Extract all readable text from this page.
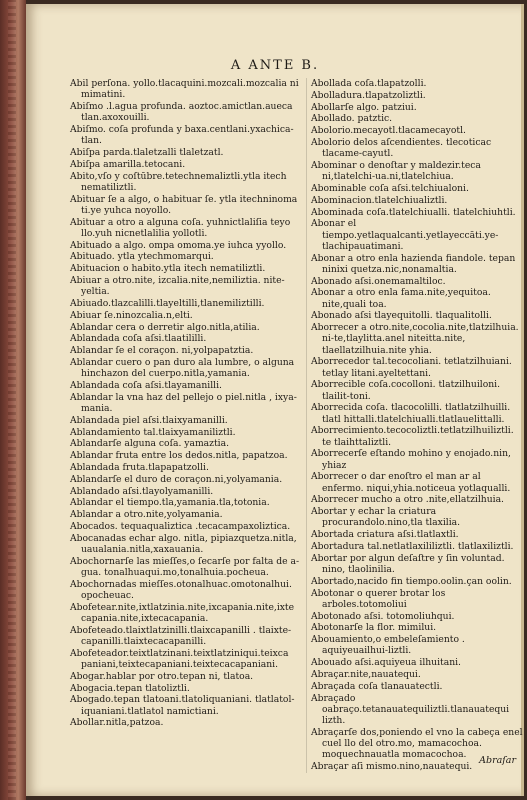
A ANTE B.
Abil perſona. yollo.tlacaquini.mozcali.mozcalia ni mimatini.
Abiſmo .l.agua profunda. aoztoc.amictlan.aueca tlan.axoxouilli.
Abiſmo. coſa profunda y baxa.centlani.yxachica-tlan.
Abiſpa parda.tlaletzalli tlaletzatl.
Abiſpa amarilla.tetocani.
Abito,vſo y coſtūbre.tetechnemaliztli.ytla itech nematiliztli.
Abituar ſe a algo, o habituar ſe. ytla itechninoma ti.ye yuhca noyollo.
Abituar a otro a alguna coſa. yuhnictlaliſia teyo llo.yuh nicnetlalilia yollotli.
Abituado a algo. ompa omoma.ye iuhca yyollo.
Abituado. ytla ytechmomarqui.
Abituacion o habito.ytla itech nematiliztli.
Abiuar a otro.nite, izcalia.nite,nemiliztia. nite-yeltia.
Abiuado.tlazcalilli.tlayeltilli,tlanemiliztilli.
Abiuar ſe.ninozcalia.n,elti.
Ablandar cera o derretir algo.nitla,atilia.
Ablandada coſa aſsi.tlaatililli.
Ablandar ſe el coraçon. ni,yolpapatztia.
Ablandar cuero o pan duro ala lumbre, o alguna hinchazon del cuerpo.nitla,yamania.
Ablandada coſa aſsi.tlayamanilli.
Ablandar la vna haz del pellejo o piel.nitla , ixya-mania.
Ablandada piel aſsi.tlaixyamanilli.
Ablandamiento tal.tlaixyamaniliztli.
Ablandarſe alguna coſa. yamaztia.
Ablandar fruta entre los dedos.nitla, papatzoa.
Ablandada fruta.tlapapatzolli.
Ablandarſe el duro de coraçon.ni,yolyamania.
Ablandado aſsi.tlayolyamanilli.
Ablandar el tiempo.tla,yamania.tla,totonia.
Ablandar a otro.nite,yolyamania.
Abocados. tequaqualiztica .tecacampaxoliztica.
Abocanadas echar algo. nitla, pipiazquetza.nitla, uaualania.nitla,xaxauania.
Abochornarſe las mieſſes,o ſecarſe por falta de a-gua. tonalhuaqui.mo,tonalhuia.pocheua.
Abochornadas mieſſes.otonalhuac.omotonalhui. opocheuac.
Abofetear.nite,ixtlatzinia.nite,ixcapania.nite,ixte capania.nite,ixtecacapania.
Abofeteado.tlaixtlatzinilli.tlaixcapanilli . tlaixte-capanilli.tlaixtecacapanilli.
Abofeteador.teixtlatzinani.teixtlatziniqui.teixca paniani,teixtecapaniani.teixtecacapaniani.
Abogar.hablar por otro.tepan ni, tlatoa.
Abogacia.tepan tlatoliztli.
Abogado.tepan tlatoani.tlatoliquaniani. tlatlatol-iquaniani.tlatlatol namictiani.
Abollar.nitla,patzoa.
Abollada coſa.tlapatzolli.
Abolladura.tlapatzoliztli.
Abollarſe algo. patziui.
Abollado. patztic.
Abolorio.mecayotl.tlacamecayotl.
Abolorio delos aſcendientes. tlecoticac tlacame-cayutl.
Abominar o denoſtar y maldezir.teca ni,tlatelchi-ua.ni,tlatelchiua.
Abominable coſa aſsi.telchiualoni.
Abominacion.tlatelchiualiztli.
Abominada coſa.tlatelchiualli. tlatelchiuhtli.
Abonar el tiempo.yetlaqualcanti.yetlayeccāti.ye-tlachipauatimani.
Abonar a otro enla hazienda fiandole. tepan ninixi quetza.nic,nonamaltia.
Abonado aſsi.onemamaltiloc.
Abonar a otro enla fama.nite,yequitoa. nite,quali toa.
Abonado aſsi tlayequitolli. tlaqualitolli.
Aborrecer a otro.nite,cocolia.nite,tlatzilhuia. ni-te,tlaylitta.anel niteitta.nite, tlaellatzilhuia.nite yhia.
Aborrecedor tal.tecocoliani. tetlatzilhuiani. tetlay litani.ayeltettani.
Aborrecible coſa.cocolloni. tlatzilhuiloni. tlailit-toni.
Aborrecida coſa. tlacocolilli. tlatlatzilhuilli. tlatl hittalli.tlatelchiualli.tlatlauelittalli.
Aborrecimiento.tecocoliztli.tetlatzilhuiliztli. te tlaihttaliztli.
Aborrecerſe eſtando mohino y enojado.nin, yhiaz
Aborrecer o dar enoſtro el man ar al enfermo. niqui,yhia.noticeua yotlaqualli.
Aborrecer mucho a otro .nite,ellatzilhuia.
Abortar y echar la criatura procurandolo.nino,tla tlaxilia.
Abortada criatura aſsi.tlatlaxtli.
Abortadura tal.netlatlaxililiztli. tlatlaxiliztli.
Abortar por algun deſaſtre y ſin voluntad. nino, tlaolinilia.
Abortado,nacido fin tiempo.oolin.çan oolin.
Abotonar o querer brotar los arboles.totomoliui
Abotonado aſsi. totomoliuhqui.
Abotonarſe la flor. mimilui.
Abouamiento,o embeleſamiento . aquiyeuailhui-liztli.
Abouado aſsi.aquiyeua ilhuitani.
Abraçar.nite,nauatequi.
Abraçada coſa tlanauatectli.
Abraçado oabraço.tetanauatequiliztli.tlanauatequi lizth.
Abraçarſe dos,poniendo el vno la cabeça enel cuel llo del otro.mo, mamacochoa. moquechnauatla momacochoa.
Abraçar aſi mismo.nino,nauatequi.
Abraſar
